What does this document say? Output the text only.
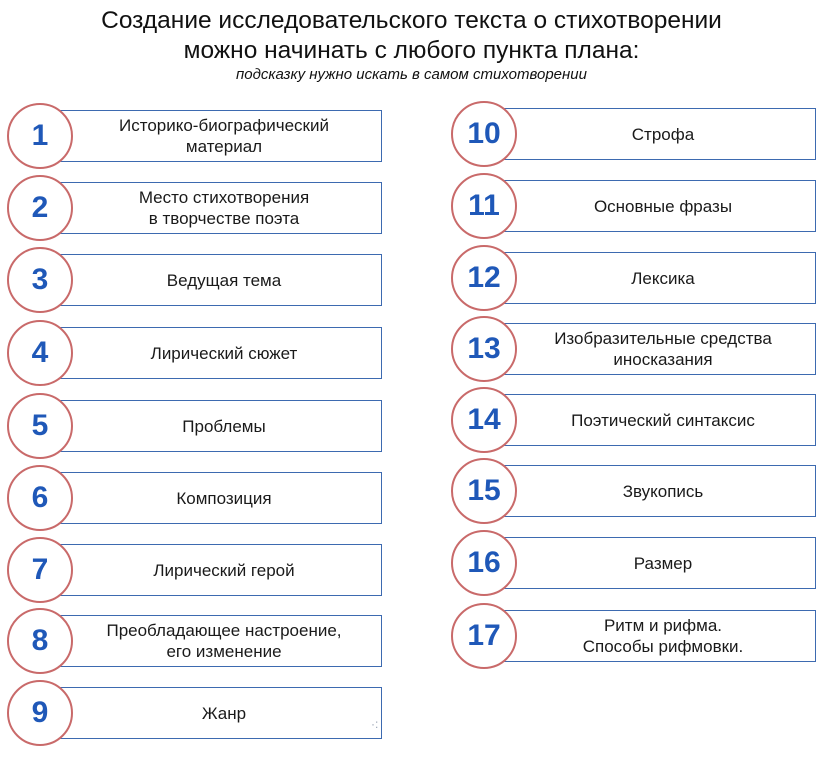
Создание исследовательского текста о стихотворении
можно начинать с любого пункта плана:
подсказку нужно искать в самом стихотворении
Историко-биографический
материал
1
Место стихотворения
в творчестве поэта
2
Ведущая тема
3
Лирический сюжет
4
Проблемы
5
Композиция
6
Лирический герой
7
Преобладающее настроение,
его изменение
8
Жанр
9
Строфа
10
Основные фразы
11
Лексика
12
Изобразительные средства
иносказания
13
Поэтический синтаксис
14
Звукопись
15
Размер
16
Ритм и рифма.
Способы рифмовки.
17
·:
